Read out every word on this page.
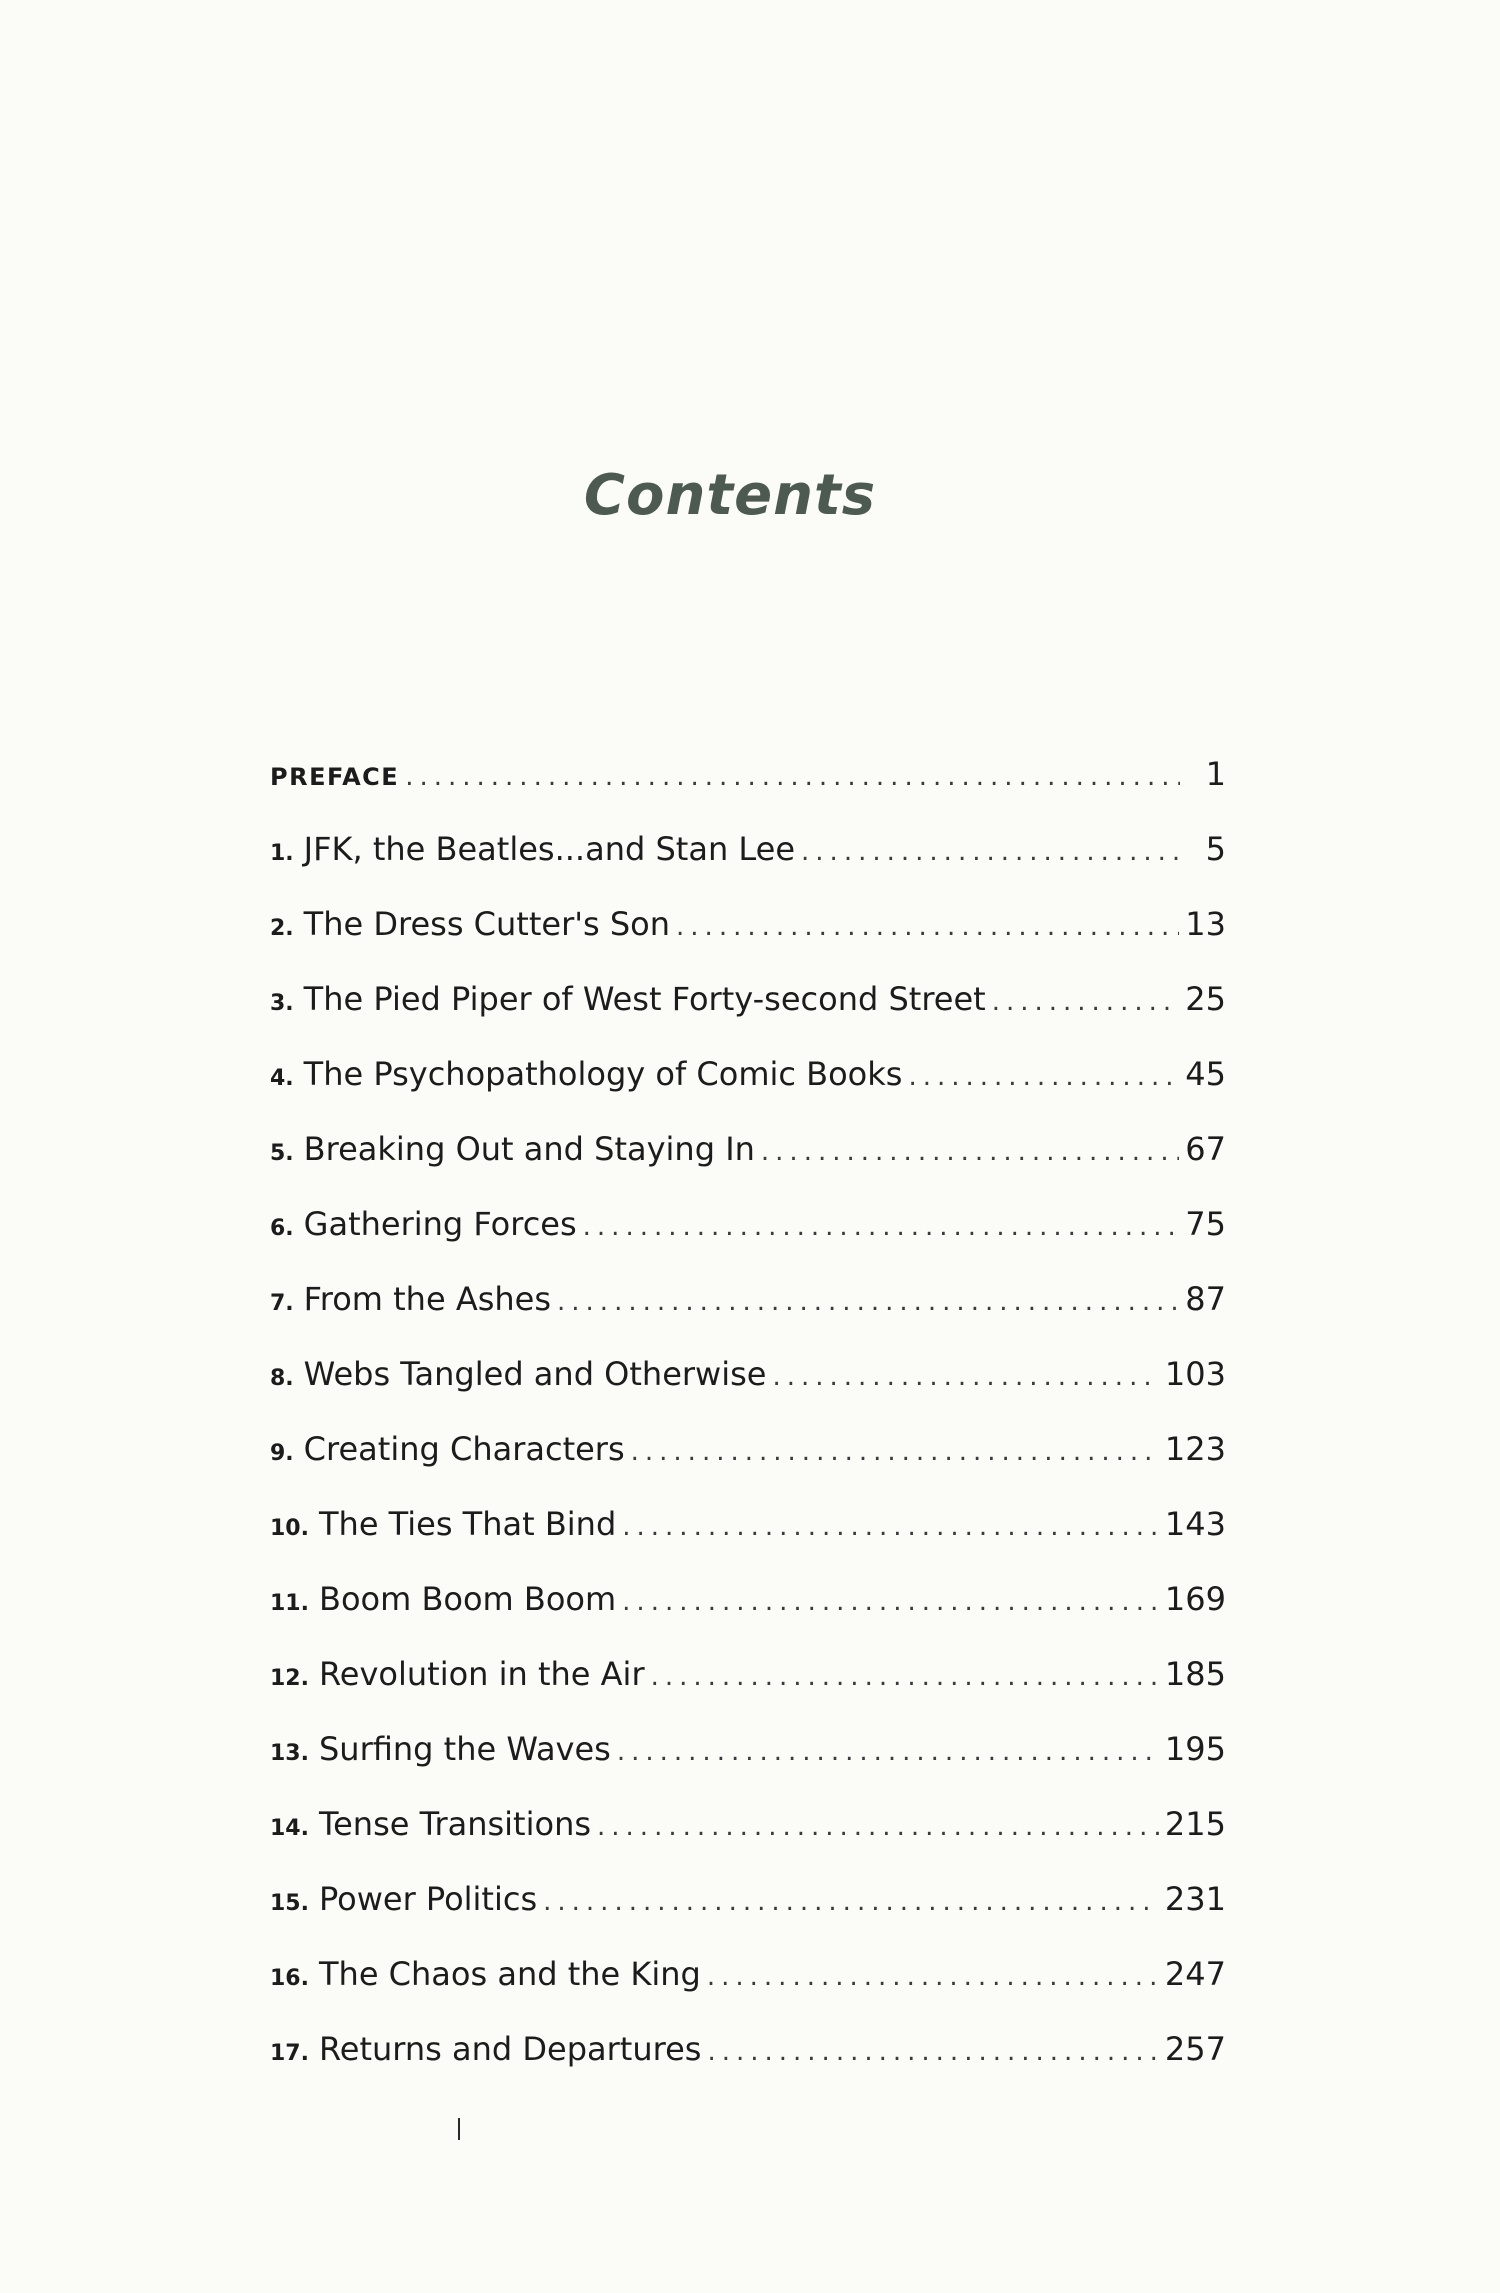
Contents
PREFACE .....	1
1. JFK, the Beatles...and Stan Lee .....	5
2. The Dress Cutter's Son .....	13
3. The Pied Piper of West Forty-second Street .....	25
4. The Psychopathology of Comic Books .....	45
5. Breaking Out and Staying In .....	67
6. Gathering Forces .....	75
7. From the Ashes .....	87
8. Webs Tangled and Otherwise .....	103
9. Creating Characters .....	123
10. The Ties That Bind .....	143
11. Boom Boom Boom .....	169
12. Revolution in the Air .....	185
13. Surfing the Waves .....	195
14. Tense Transitions .....	215
15. Power Politics .....	231
16. The Chaos and the King .....	247
17. Returns and Departures .....	257
